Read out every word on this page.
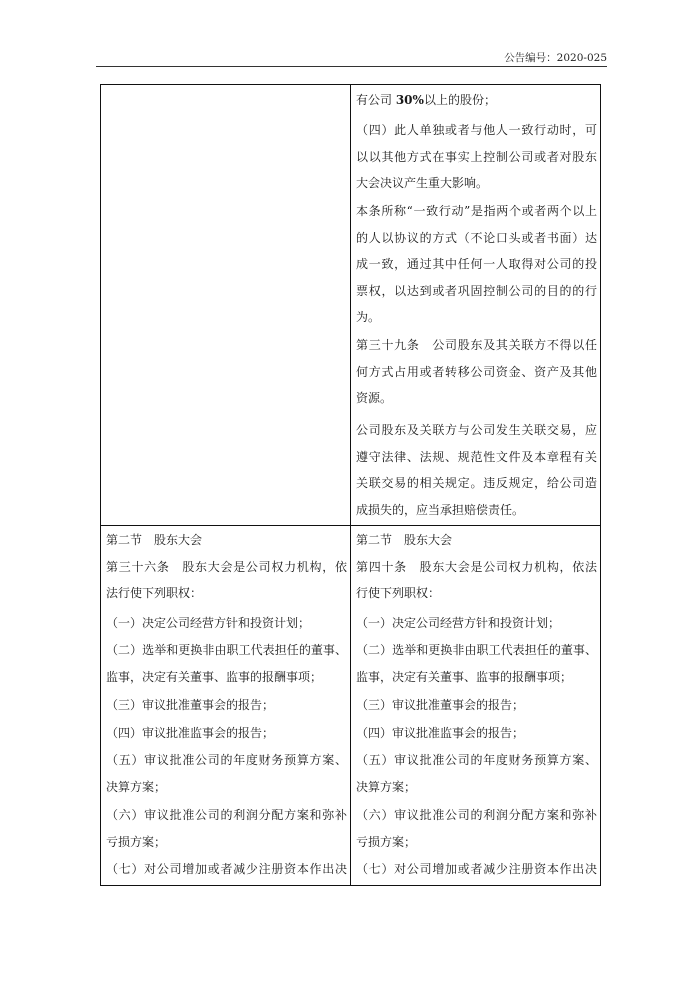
公告编号：2020-025
有公司 30%以上的股份；
（四）此人单独或者与他人一致行动时，可
以以其他方式在事实上控制公司或者对股东
大会决议产生重大影响。
本条所称“一致行动”是指两个或者两个以上
的人以协议的方式（不论口头或者书面）达
成一致，通过其中任何一人取得对公司的投
票权，以达到或者巩固控制公司的目的的行
为。
第三十九条　公司股东及其关联方不得以任
何方式占用或者转移公司资金、资产及其他
资源。
公司股东及关联方与公司发生关联交易，应
遵守法律、法规、规范性文件及本章程有关
关联交易的相关规定。违反规定，给公司造
成损失的，应当承担赔偿责任。
第二节　股东大会
第三十六条　股东大会是公司权力机构，依
法行使下列职权：
（一）决定公司经营方针和投资计划；
（二）选举和更换非由职工代表担任的董事、
监事，决定有关董事、监事的报酬事项；
（三）审议批准董事会的报告；
（四）审议批准监事会的报告；
（五）审议批准公司的年度财务预算方案、
决算方案；
（六）审议批准公司的利润分配方案和弥补
亏损方案；
（七）对公司增加或者减少注册资本作出决
第二节　股东大会
第四十条　股东大会是公司权力机构，依法
行使下列职权：
（一）决定公司经营方针和投资计划；
（二）选举和更换非由职工代表担任的董事、
监事，决定有关董事、监事的报酬事项；
（三）审议批准董事会的报告；
（四）审议批准监事会的报告；
（五）审议批准公司的年度财务预算方案、
决算方案；
（六）审议批准公司的利润分配方案和弥补
亏损方案；
（七）对公司增加或者减少注册资本作出决
